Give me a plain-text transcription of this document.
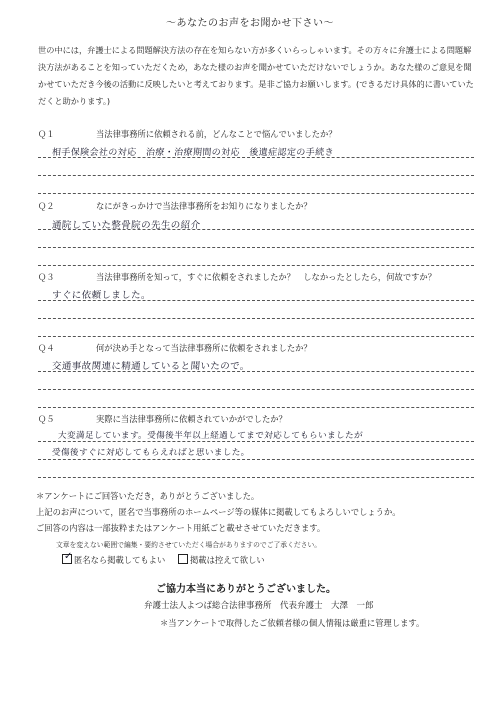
～あなたのお声をお聞かせ下さい～
世の中には，弁護士による問題解決方法の存在を知らない方が多くいらっしゃいます。その方々に弁護士による問題解決方法があることを知っていただくため，あなた様のお声を聞かせていただけないでしょうか。あなた様のご意見を聞かせていただき今後の活動に反映したいと考えております。是非ご協力お願いします。(できるだけ具体的に書いていただくと助かります。)
Ｑ１	当法律事務所に依頼される前，どんなことで悩んでいましたか？
相手保険会社の対応　治療・治療期間の対応　後遺症認定の手続き
Ｑ２	なにがきっかけで当法律事務所をお知りになりましたか？
通院していた整骨院の先生の紹介
Ｑ３	当法律事務所を知って，すぐに依頼をされましたか？　しなかったとしたら，何故ですか？
すぐに依頼しました。
Ｑ４	何が決め手となって当法律事務所に依頼をされましたか？
交通事故関連に精通していると聞いたので。
Ｑ５	実際に当法律事務所に依頼されていかがでしたか？
大変満足しています。受傷後半年以上経過してまで対応してもらいましたが
受傷後すぐに対応してもらえればと思いました。
＊アンケートにご回答いただき，ありがとうございました。
上記のお声について，匿名で当事務所のホームページ等の媒体に掲載してもよろしいでしょうか。
ご回答の内容は一部抜粋またはアンケート用紙ごと載せさせていただきます。
文章を変えない範囲で編集・要約させていただく場合がありますのでご了承ください。
✓ 匿名なら掲載してもよい	掲載は控えて欲しい
ご協力本当にありがとうございました。
弁護士法人よつば総合法律事務所　代表弁護士　大澤　一郎
＊当アンケートで取得したご依頼者様の個人情報は厳重に管理します。
